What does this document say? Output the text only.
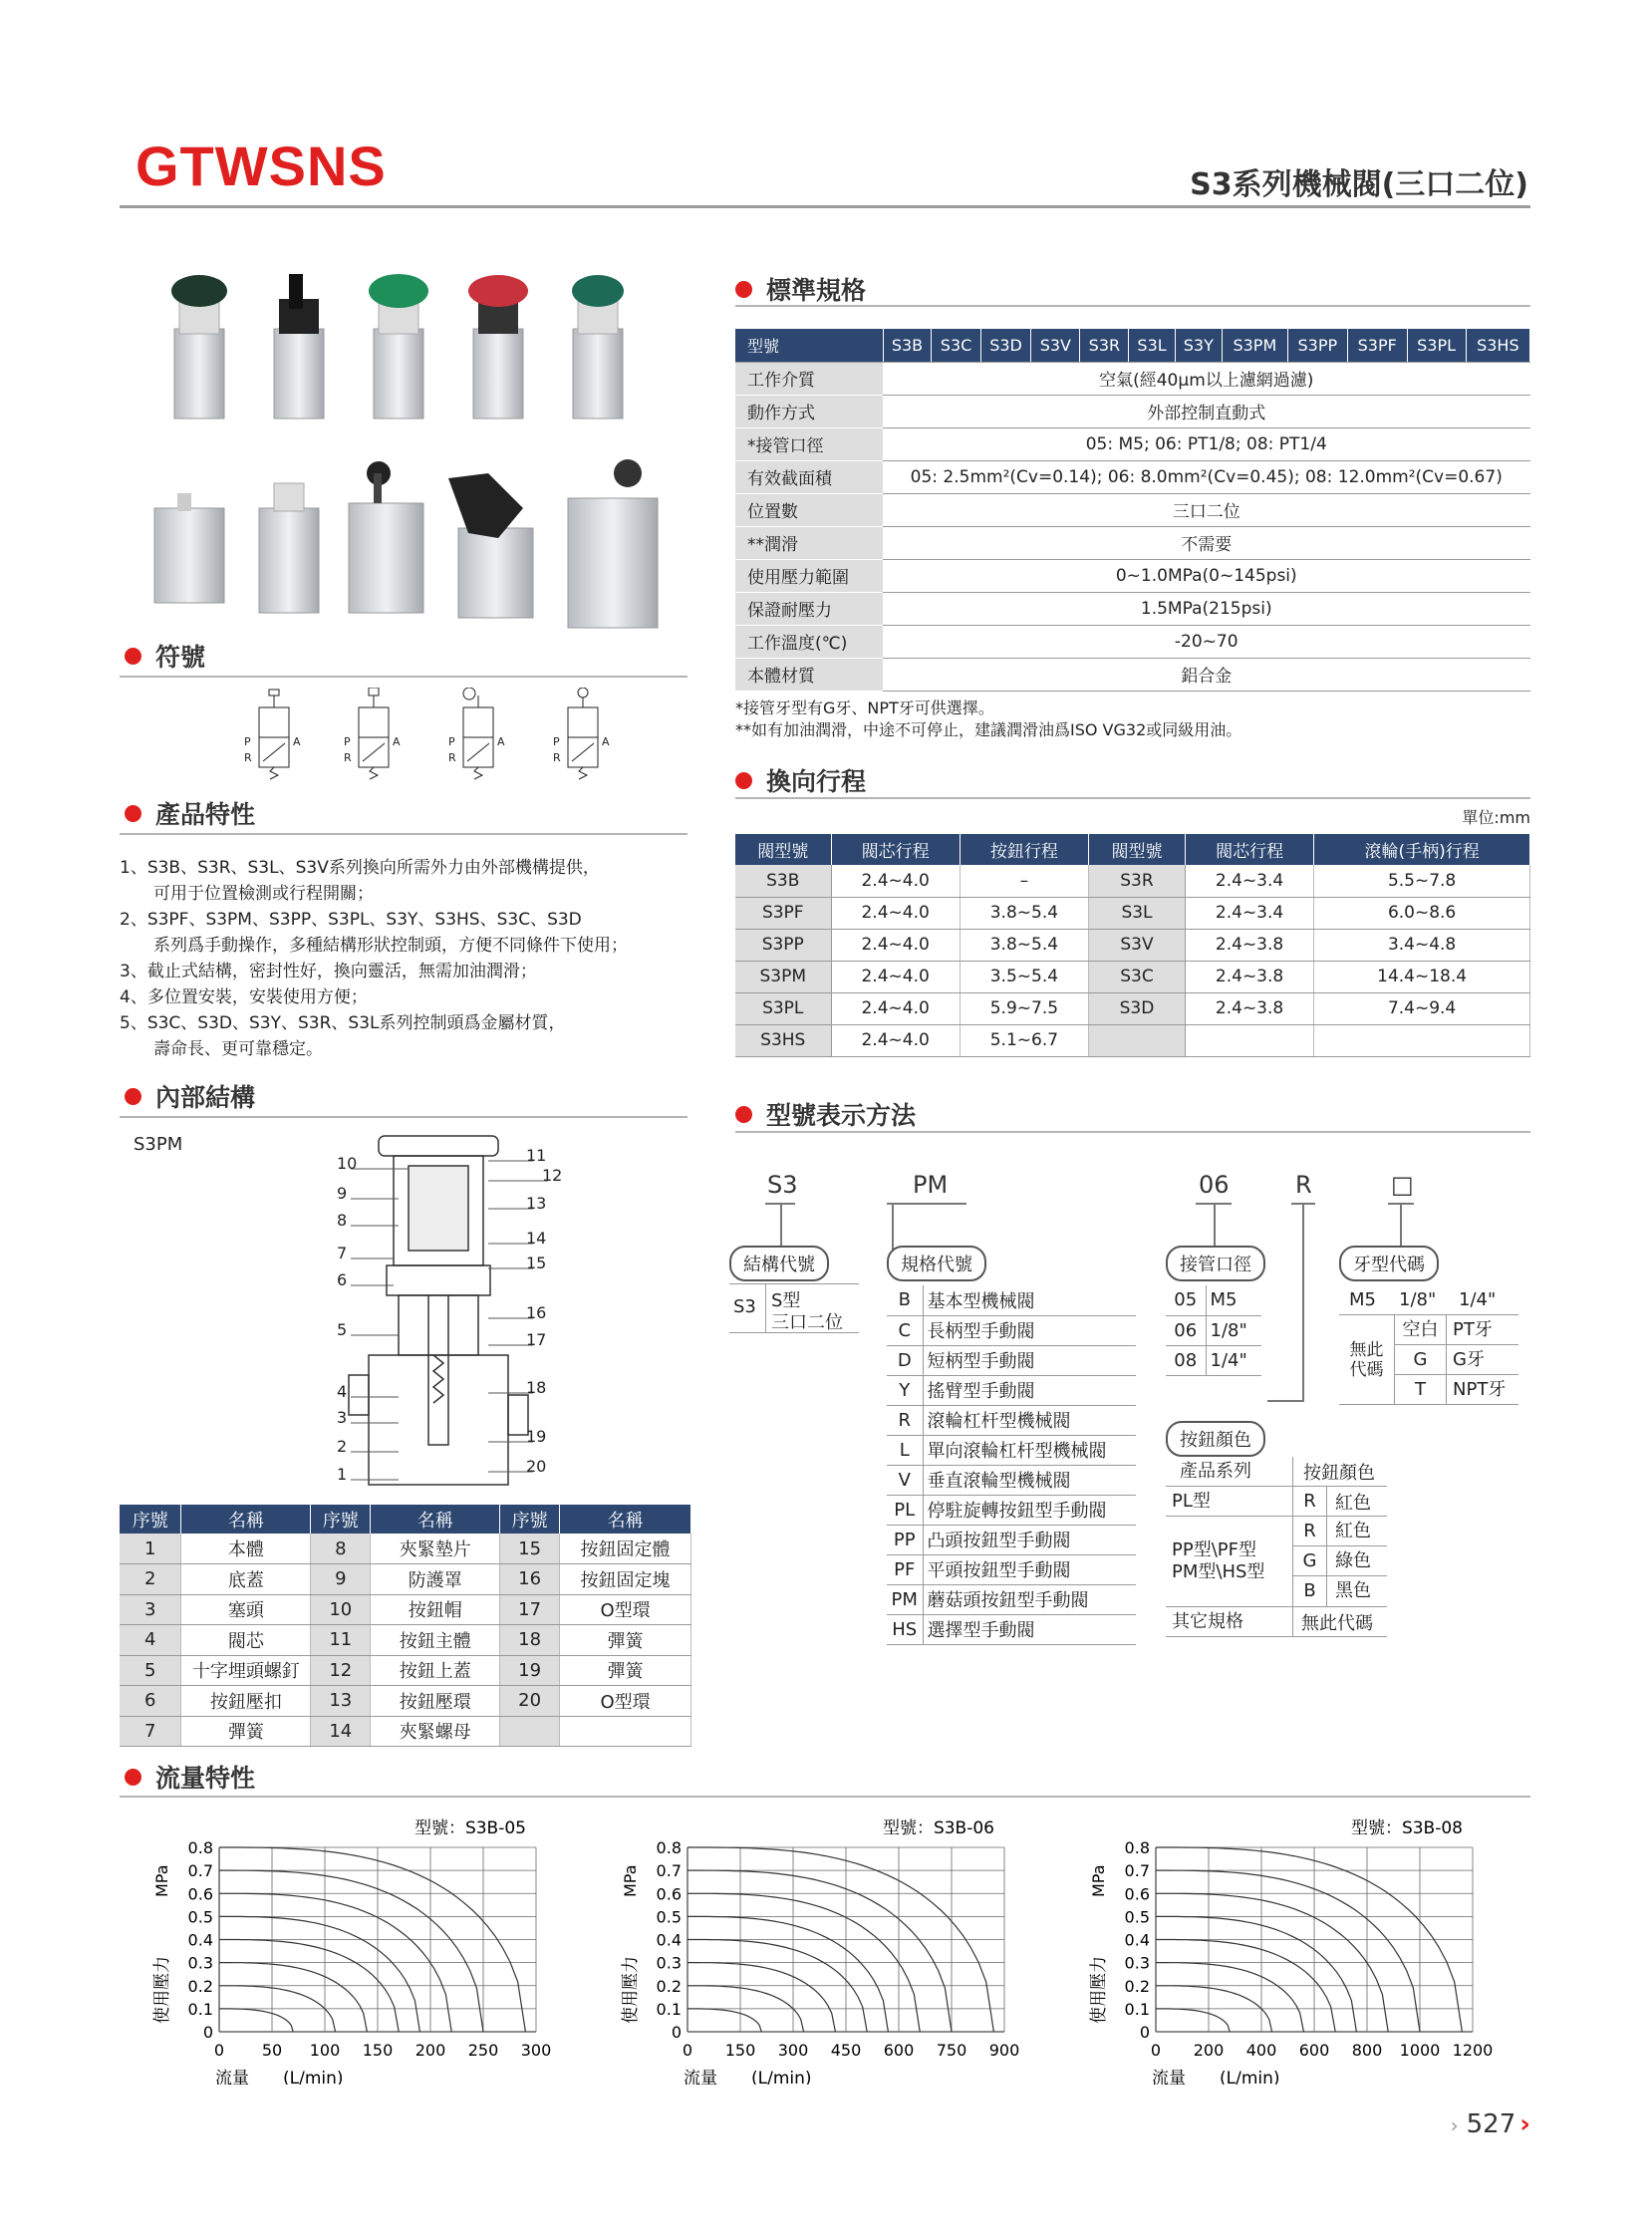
GTWSNS	S3系列機械閥(三口二位)
符號
P
R
A	P
R
A	P
R
A	P
R
A
產品特性
1、S3B、S3R、S3L、S3V系列換向所需外力由外部機構提供，
　　可用于位置檢測或行程開關；
2、S3PF、S3PM、S3PP、S3PL、S3Y、S3HS、S3C、S3D
　　系列爲手動操作，多種結構形狀控制頭，方便不同條件下使用；
3、截止式結構，密封性好，換向靈活，無需加油潤滑；
4、多位置安裝，安裝使用方便；
5、S3C、S3D、S3Y、S3R、S3L系列控制頭爲金屬材質，
　　壽命長、更可靠穩定。
內部結構
S3PM
10
9
8
7
6
5
4
3
2
1
11
12
13
14
15
16
17
18
19
20
序號	名稱	序號	名稱	序號	名稱
1	本體	8	夾緊墊片	15	按鈕固定體
2	底蓋	9	防護罩	16	按鈕固定塊
3	塞頭	10	按鈕帽	17	O型環
4	閥芯	11	按鈕主體	18	彈簧
5	十字埋頭螺釘	12	按鈕上蓋	19	彈簧
6	按鈕壓扣	13	按鈕壓環	20	O型環
7	彈簧	14	夾緊螺母		
流量特性
標準規格
型號	S3B	S3C	S3D	S3V	S3R	S3L	S3Y	S3PM	S3PP	S3PF	S3PL	S3HS
工作介質	空氣(經40μm以上濾網過濾)											
動作方式	外部控制直動式											
*接管口徑	05: M5; 06: PT1/8; 08: PT1/4											
有效截面積	05: 2.5mm²(Cv=0.14); 06: 8.0mm²(Cv=0.45); 08: 12.0mm²(Cv=0.67)											
位置數	三口二位											
**潤滑	不需要											
使用壓力範圍	0~1.0MPa(0~145psi)											
保證耐壓力	1.5MPa(215psi)											
工作溫度(℃)	-20~70											
本體材質	鋁合金											
*接管牙型有G牙、NPT牙可供選擇。
**如有加油潤滑，中途不可停止，建議潤滑油爲ISO VG32或同級用油。
換向行程
單位:mm
閥型號	閥芯行程	按鈕行程	閥型號	閥芯行程	滾輪(手柄)行程
S3B	2.4~4.0	–	S3R	2.4~3.4	5.5~7.8
S3PF	2.4~4.0	3.8~5.4	S3L	2.4~3.4	6.0~8.6
S3PP	2.4~4.0	3.8~5.4	S3V	2.4~3.8	3.4~4.8
S3PM	2.4~4.0	3.5~5.4	S3C	2.4~3.8	14.4~18.4
S3PL	2.4~4.0	5.9~7.5	S3D	2.4~3.8	7.4~9.4
S3HS	2.4~4.0	5.1~6.7			
型號表示方法
S3	PM	06	R	□
結構代號
S3 S型
三口二位
規格代號
B	基本型機械閥
C	長柄型手動閥
D	短柄型手動閥
Y	搖臂型手動閥
R	滾輪杠杆型機械閥
L	單向滾輪杠杆型機械閥
V	垂直滾輪型機械閥
PL	停駐旋轉按鈕型手動閥
PP	凸頭按鈕型手動閥
PF	平頭按鈕型手動閥
PM	蘑菇頭按鈕型手動閥
HS	選擇型手動閥
接管口徑
05	M5
06	1/8"
08	1/4"
牙型代碼
M5	1/8"	1/4"
無此代碼
空白 PT牙
G	G牙
T	NPT牙
按鈕顏色
產品系列	按鈕顏色
PL型	R	紅色
PP型\PF型
PM型\HS型
R	紅色
G	綠色
B	黑色
其它規格	無此代碼
型號：S3B-05
0 50 100 150 200 250 300
0
0.1
0.2
0.3
0.4
0.5
0.6
0.7
0.8
使用壓力
MPa
流量 (L/min)
型號：S3B-06
0 150 300 450 600 750 900
0
0.1
0.2
0.3
0.4
0.5
0.6
0.7
0.8
使用壓力
MPa
流量 (L/min)
型號：S3B-08
0 200 400 600 800 1000 1200
0
0.1
0.2
0.3
0.4
0.5
0.6
0.7
0.8
使用壓力
MPa
流量 (L/min)
› 527 ›
